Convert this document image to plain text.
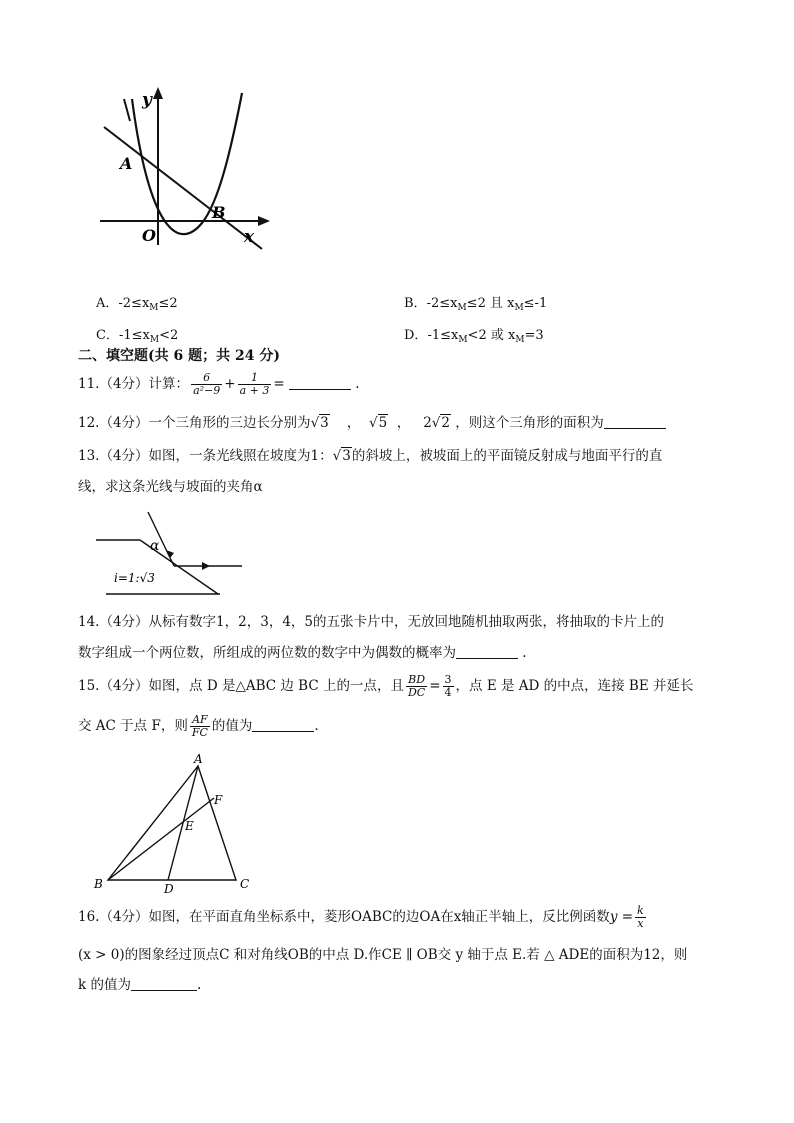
y
x
A
B
O
A．$-2\le x_M\le 2$	B．$-2\le x_M\le 2$ 且 $x_M\le-1$
C．$-1\le x_M<2$	D．$-1\le x_M<2$ 或 $x_M=3$
二、填空题(共 6 题；共 24 分)
11.（4分）计算： $\frac{6}{\text{a²−9}} + \frac{1}{a + 3}$ =	.
12.（4分）一个三角形的三边长分别为√3    ，  √5  ，   2√2 ，则这个三角形的面积为
13.（4分）如图，一条光线照在坡度为1：√3的斜坡上，被坡面上的平面镜反射成与地面平行的直
线，求这条光线与坡面的夹角α
α
i=1:√3
14.（4分）从标有数字1，2，3，4，5的五张卡片中，无放回地随机抽取两张，将抽取的卡片上的
数字组成一个两位数，所组成的两位数的数字中为偶数的概率为	.
15.（4分）如图，点 D 是△ABC 边 BC 上的一点，且 $\frac{BD}{DC} = \frac{3}{4}$ ，点 E 是 AD 的中点，连接 BE 并延长
交 AC 于点 F，则 $\frac{AF}{FC}$ 的值为	.
A
B	C
D
E
F
16.（4分）如图，在平面直角坐标系中，菱形OABC的边OA在x轴正半轴上，反比例函数$y = \frac{k}{x}$
(x > 0)的图象经过顶点C 和对角线OB的中点 D.作CE ∥ OB交 y 轴于点 E.若 △ ADE的面积为12，则
k 的值为	.
